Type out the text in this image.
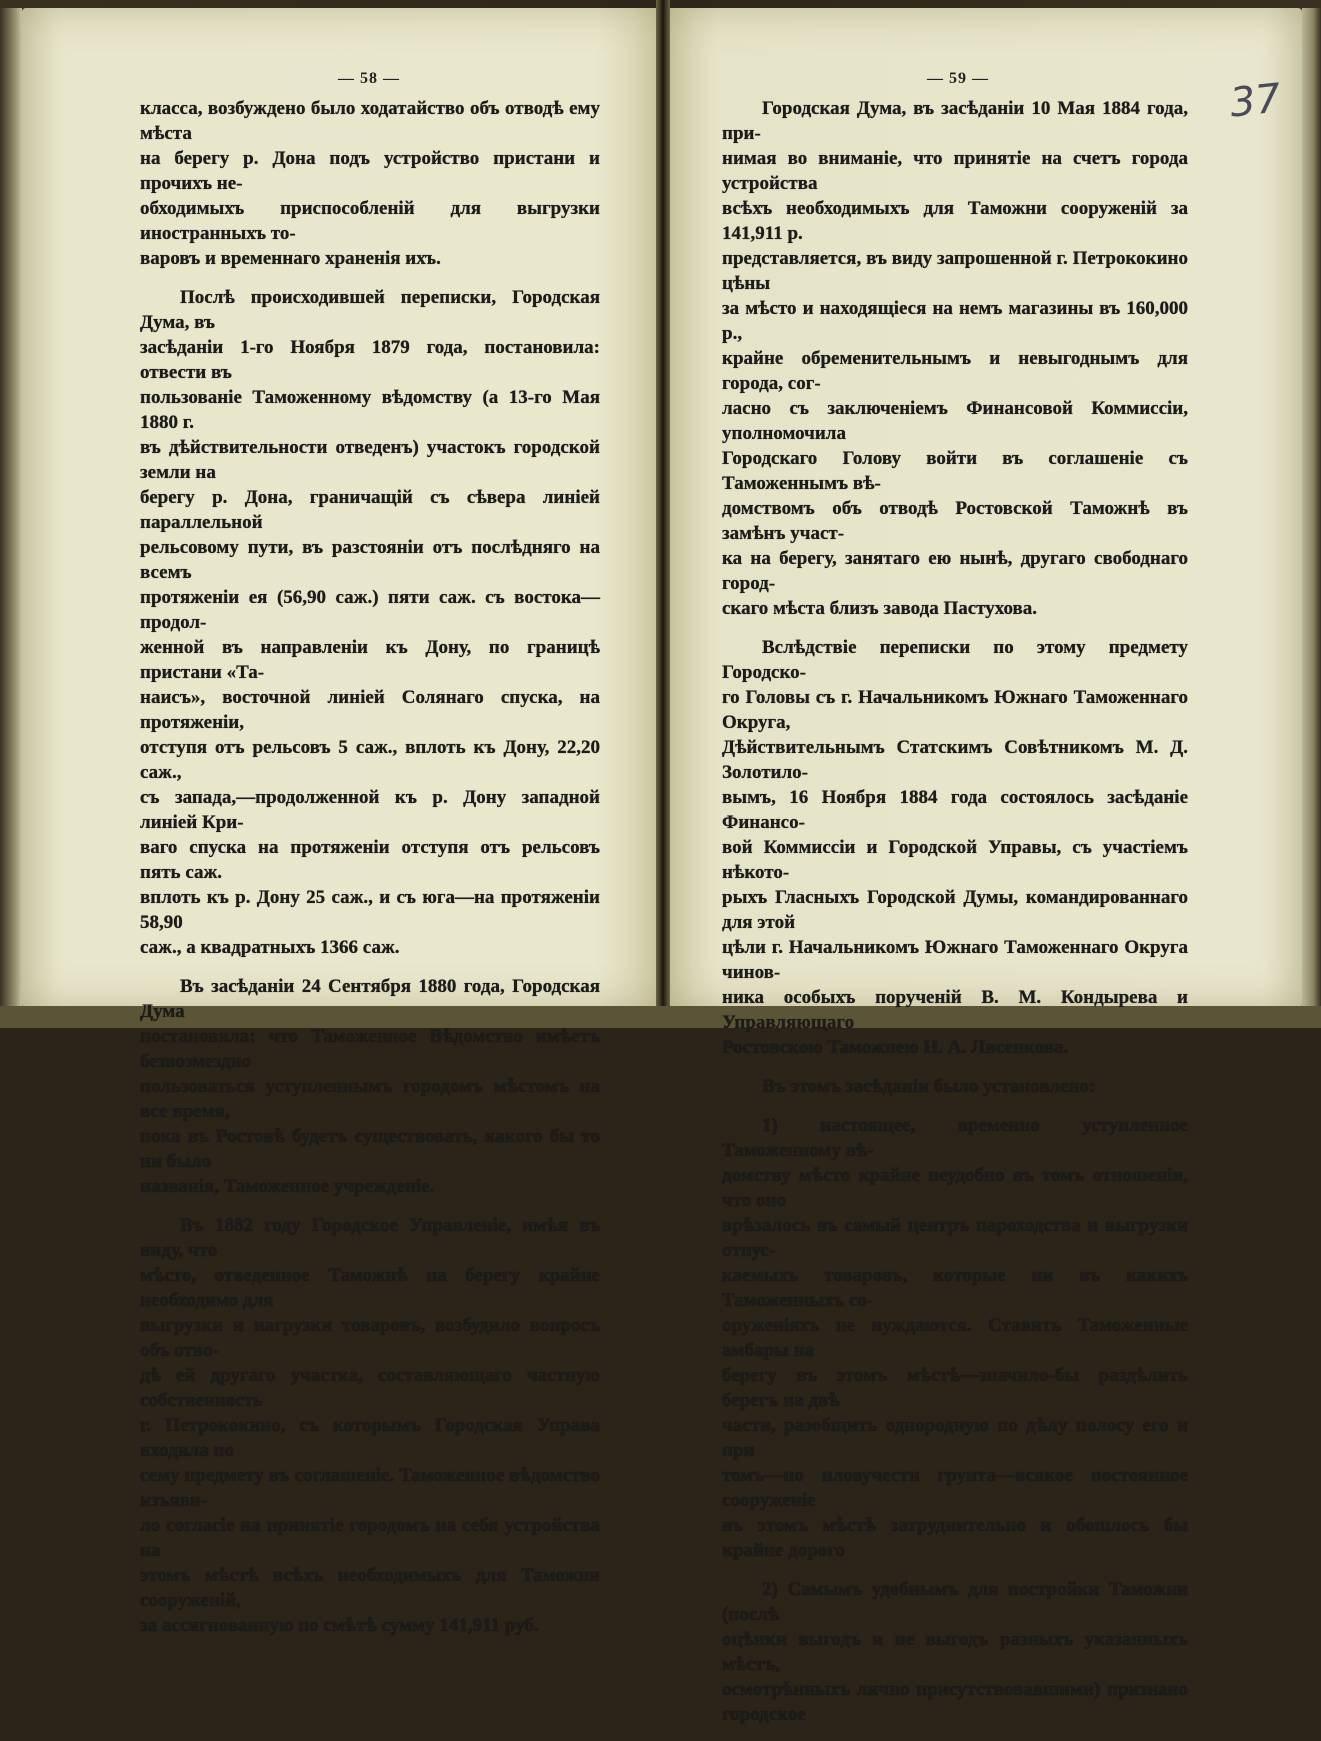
— 58 —	— 59 —	37

класса, возбуждено было ходатайство объ отводѣ ему мѣста
на берегу р. Дона подъ устройство пристани и прочихъ не-
обходимыхъ приспособленій для выгрузки иностранныхъ то-
варовъ и временнаго храненія ихъ.

Послѣ происходившей переписки, Городская Дума, въ
засѣданіи 1-го Ноября 1879 года, постановила: отвести въ
пользованіе Таможенному вѣдомству (а 13-го Мая 1880 г.
въ дѣйствительности отведенъ) участокъ городской земли на
берегу р. Дона, граничащій съ сѣвера линіей параллельной
рельсовому пути, въ разстояніи отъ послѣдняго на всемъ
протяженіи ея (56,90 саж.) пяти саж. съ востока—продол-
женной въ направленіи къ Дону, по границѣ пристани «Та-
наисъ», восточной линіей Солянаго спуска, на протяженіи,
отступя отъ рельсовъ 5 саж., вплоть къ Дону, 22,20 саж.,
съ запада,—продолженной къ р. Дону западной линіей Кри-
ваго спуска на протяженіи отступя отъ рельсовъ пять саж.
вплоть къ р. Дону 25 саж., и съ юга—на протяженіи 58,90
саж., а квадратныхъ 1366 саж.

Въ засѣданіи 24 Сентября 1880 года, Городская Дума
постановила: что Таможенное Вѣдомство имѣетъ безвозмездно
пользоваться уступленнымъ городомъ мѣстомъ на все время,
пока въ Ростовѣ будетъ существовать, какого бы то ни было
названія, Таможенное учрежденіе.

Въ 1882 году Городское Управленіе, имѣя въ виду, что
мѣсто, отведенное Таможнѣ на берегу крайне необходимо для
выгрузки и нагрузки товаровъ, возбудило вопросъ объ отво-
дѣ ей другаго участка, составляющаго частную собственность
г. Петрококино, съ которымъ Городская Управа входила по
сему предмету въ соглашеніе. Таможенное вѣдомство изъяви-
ло согласіе на принятіе городомъ на себя устройства на
этомъ мѣстѣ всѣхъ необходимыхъ для Таможни сооруженій,
за ассигнованную по смѣтѣ сумму 141,911 руб.

Городская Дума, въ засѣданіи 10 Мая 1884 года, при-
нимая во вниманіе, что принятіе на счетъ города устройства
всѣхъ необходимыхъ для Таможни сооруженій за 141,911 р.
представляется, въ виду запрошенной г. Петрококино цѣны
за мѣсто и находящіеся на немъ магазины въ 160,000 р.,
крайне обременительнымъ и невыгоднымъ для города, сог-
ласно съ заключеніемъ Финансовой Коммиссіи, уполномочила
Городскаго Голову войти въ соглашеніе съ Таможеннымъ вѣ-
домствомъ объ отводѣ Ростовской Таможнѣ въ замѣнъ участ-
ка на берегу, занятаго ею нынѣ, другаго свободнаго город-
скаго мѣста близъ завода Пастухова.

Вслѣдствіе переписки по этому предмету Городско-
го Головы съ г. Начальникомъ Южнаго Таможеннаго Округа,
Дѣйствительнымъ Статскимъ Совѣтникомъ М. Д. Золотило-
вымъ, 16 Ноября 1884 года состоялось засѣданіе Финансо-
вой Коммиссіи и Городской Управы, съ участіемъ нѣкото-
рыхъ Гласныхъ Городской Думы, командированнаго для этой
цѣли г. Начальникомъ Южнаго Таможеннаго Округа чинов-
ника особыхъ порученій В. М. Кондырева и Управляющаго
Ростовскою Таможнею Н. А. Лисенкова.

Въ этомъ засѣданіи было установлено:

1) настоящее, временно уступленное Таможенному вѣ-
домству мѣсто крайне неудобно въ томъ отношеніи, что оно
врѣзалось въ самый центръ пароходства и выгрузки отпус-
каемыхъ товаровъ, которые ни въ какихъ Таможенныхъ со-
оруженіяхъ не нуждаются. Ставить Таможенные амбары на
берегу въ этомъ мѣстѣ—значило-бы раздѣлить берегъ на двѣ
части, разобщить однородную по дѣлу полосу его и при
томъ—по пловучести грунта—всякое постоянное сооруженіе
въ этомъ мѣстѣ затруднительно и обошлось бы крайне дорого

2) Самымъ удобнымъ для постройки Таможни (послѣ
оцѣнки выгодъ и не выгодъ разныхъ указанныхъ мѣстъ,
осмотрѣнныхъ лично присутствовавшими) признано городское
